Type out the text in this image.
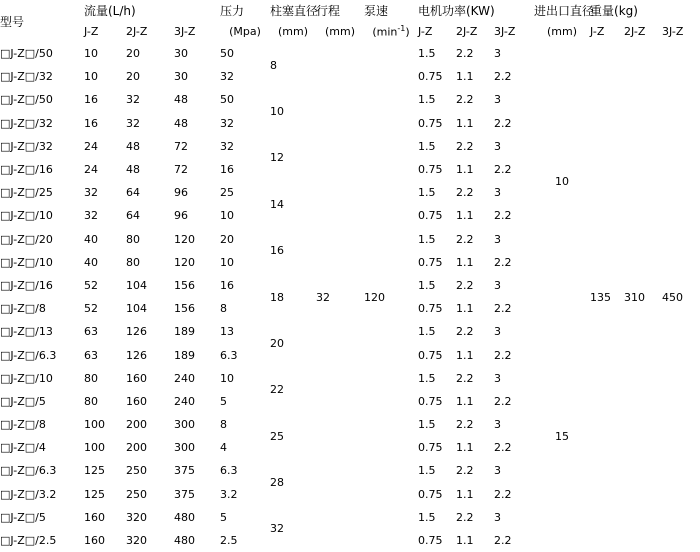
型号	流量(L/h)			压力	柱塞直径	行程	泵速	电机功率(KW)			进出口直径	重量(kg)		
	J-Z	2J-Z	3J-Z	(Mpa)	(mm)	(mm)	$(\min^{-1})$	J-Z	2J-Z	3J-Z	(mm)	J-Z	2J-Z	3J-Z
□J-Z□/50	10	20	30	50	8	32	120	1.5	2.2	3	10	135	310	450
□J-Z□/32	10	20	30	32				0.75	1.1	2.2				
□J-Z□/50	16	32	48	50	10			1.5	2.2	3				
□J-Z□/32	16	32	48	32				0.75	1.1	2.2				
□J-Z□/32	24	48	72	32	12			1.5	2.2	3				
□J-Z□/16	24	48	72	16				0.75	1.1	2.2				
□J-Z□/25	32	64	96	25	14			1.5	2.2	3				
□J-Z□/10	32	64	96	10				0.75	1.1	2.2				
□J-Z□/20	40	80	120	20	16			1.5	2.2	3				
□J-Z□/10	40	80	120	10				0.75	1.1	2.2				
□J-Z□/16	52	104	156	16	18			1.5	2.2	3				
□J-Z□/8	52	104	156	8				0.75	1.1	2.2				
□J-Z□/13	63	126	189	13	20			1.5	2.2	3	15			
□J-Z□/6.3	63	126	189	6.3				0.75	1.1	2.2				
□J-Z□/10	80	160	240	10	22			1.5	2.2	3				
□J-Z□/5	80	160	240	5				0.75	1.1	2.2				
□J-Z□/8	100	200	300	8	25			1.5	2.2	3				
□J-Z□/4	100	200	300	4				0.75	1.1	2.2				
□J-Z□/6.3	125	250	375	6.3	28			1.5	2.2	3				
□J-Z□/3.2	125	250	375	3.2				0.75	1.1	2.2				
□J-Z□/5	160	320	480	5	32			1.5	2.2	3				
□J-Z□/2.5	160	320	480	2.5				0.75	1.1	2.2				
